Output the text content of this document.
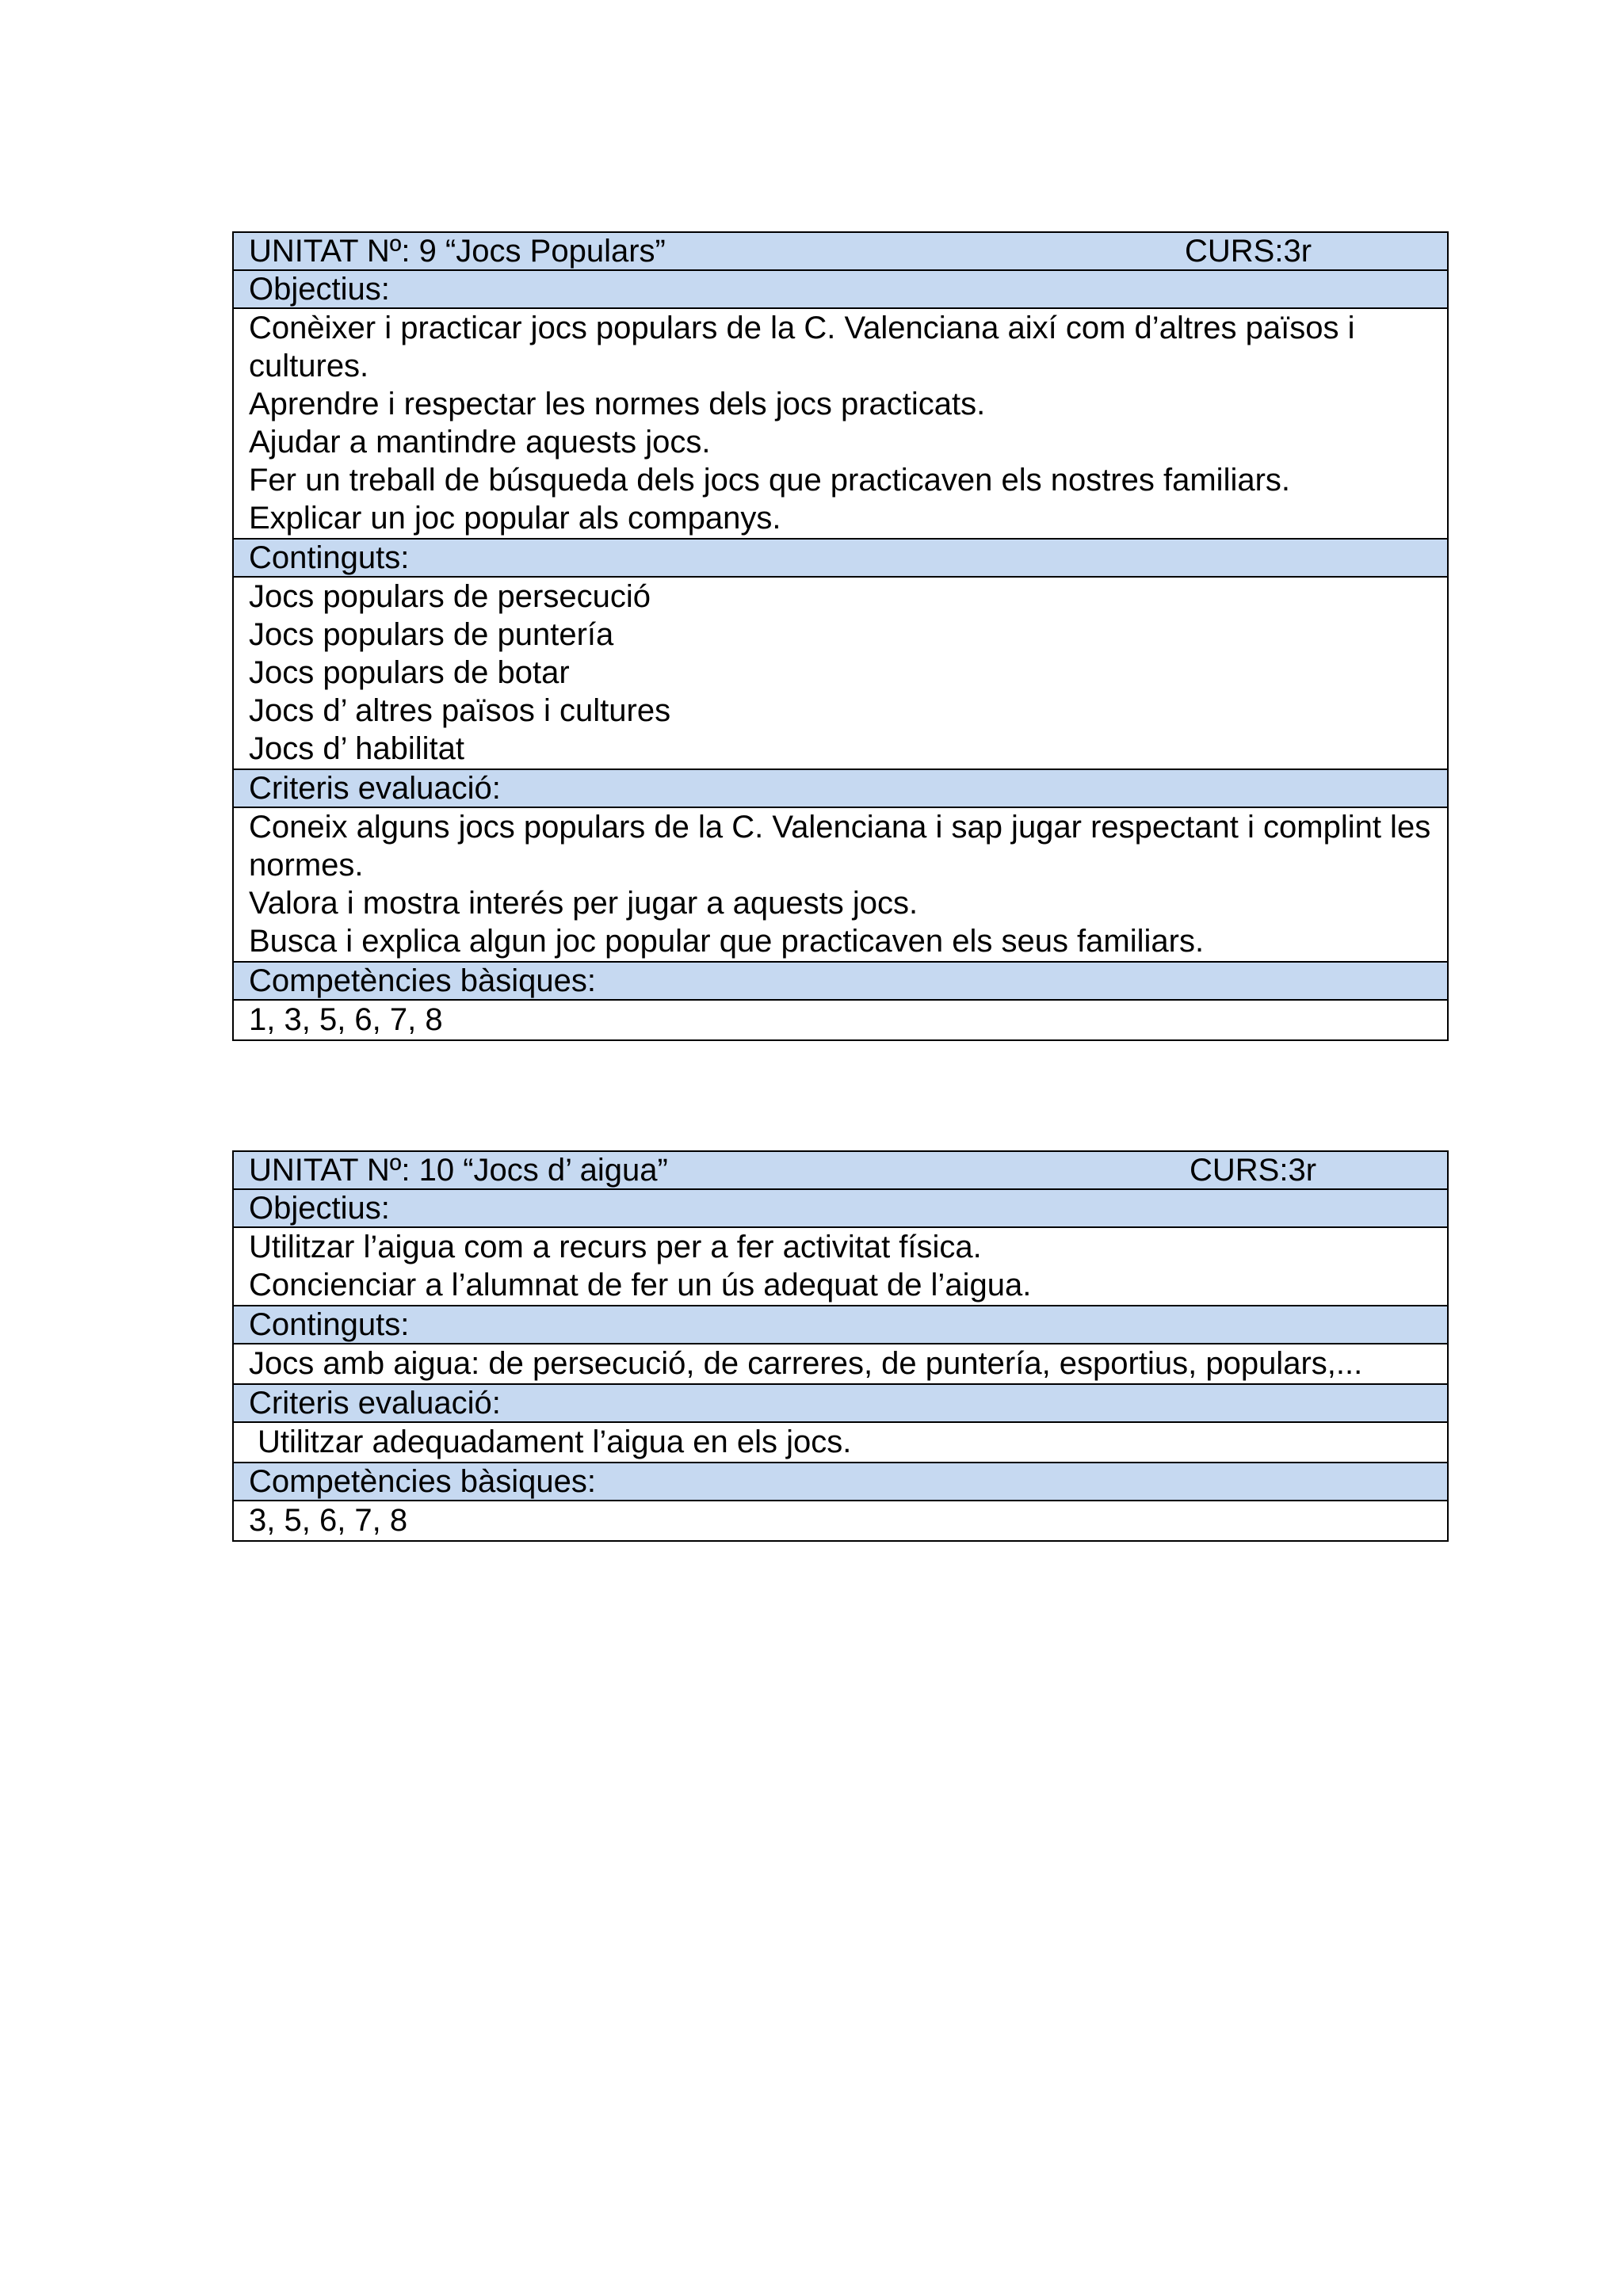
UNITAT Nº: 9 “Jocs Populars”	CURS:3r

Objectius:

Conèixer i practicar jocs populars de la C. Valenciana així com d’altres països i cultures.
Aprendre i respectar les normes dels jocs practicats.
Ajudar a mantindre aquests jocs.
Fer un treball de búsqueda dels jocs que practicaven els nostres familiars.
Explicar un joc popular als companys.

Continguts:

Jocs populars de persecució
Jocs populars de puntería
Jocs populars de botar
Jocs d’ altres països i cultures
Jocs d’ habilitat

Criteris evaluació:

Coneix alguns jocs populars de la C. Valenciana i sap jugar respectant i complint les normes.
Valora i mostra interés per jugar a aquests jocs.
Busca i explica algun joc popular que practicaven els seus familiars.

Competències bàsiques:
1, 3, 5, 6, 7, 8
UNITAT Nº: 10 “Jocs d’ aigua”	CURS:3r

Objectius:

Utilitzar l’aigua com a recurs per a fer activitat física.
Concienciar a l’alumnat de fer un ús adequat de l’aigua.

Continguts:

Jocs amb aigua: de persecució, de carreres, de puntería, esportius, populars,...

Criteris evaluació:

Utilitzar adequadament l’aigua en els jocs.

Competències bàsiques:
3, 5, 6, 7, 8
